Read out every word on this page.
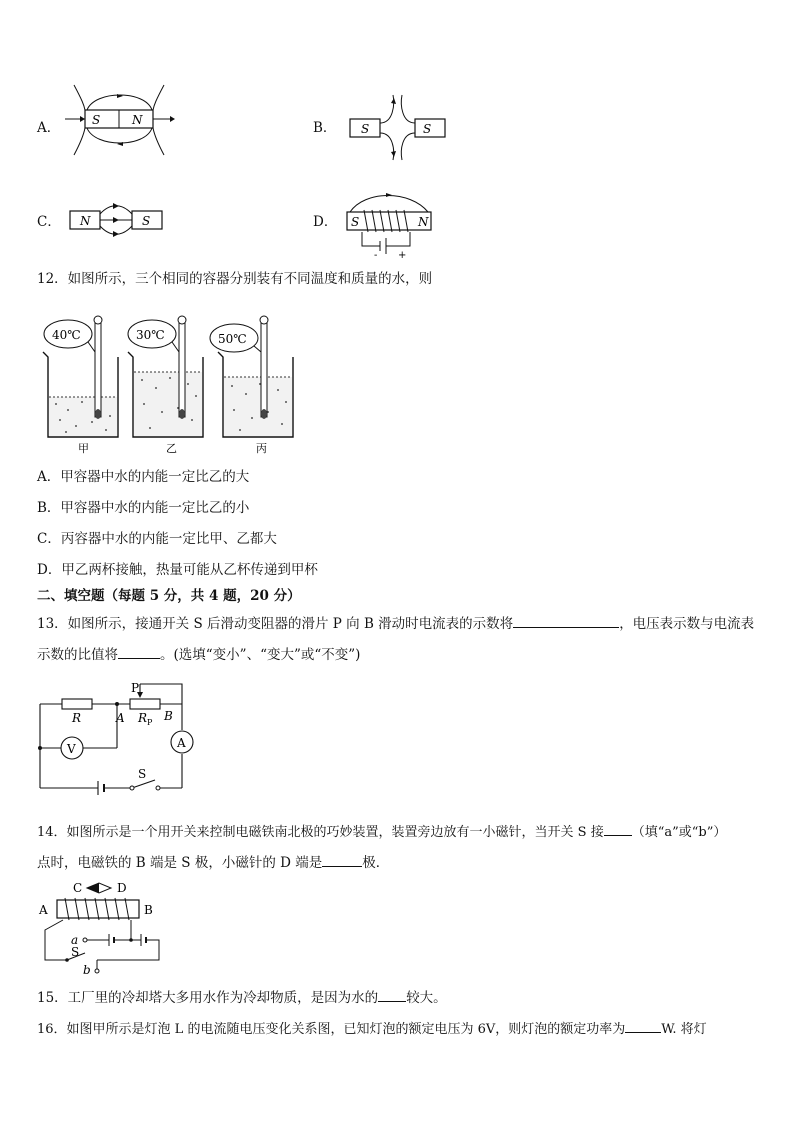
A．	S	N	B． S	S
C． N	S	D． S	N
- +
12．如图所示，三个相同的容器分别装有不同温度和质量的水，则
40℃
甲
30℃
乙
50℃
丙
A．甲容器中水的内能一定比乙的大
B．甲容器中水的内能一定比乙的小
C．丙容器中水的内能一定比甲、乙都大
D．甲乙两杯接触，热量可能从乙杯传递到甲杯
二、填空题（每题 5 分，共 4 题，20 分）
13．如图所示，接通开关 S 后滑动变阻器的滑片 P 向 B 滑动时电流表的示数将	，电压表示数与电流表
示数的比值将	。(选填“变小”、“变大”或“不变”)
R	A R P B
P
V	A
S
14．如图所示是一个用开关来控制电磁铁南北极的巧妙装置，装置旁边放有一小磁针，当开关 S 接 （填“a”或“b”）
点时，电磁铁的 B 端是 S 极，小磁针的 D 端是	极．
C	D
A	B
a
b
S
15．工厂里的冷却塔大多用水作为冷却物质，是因为水的 较大。
16．如图甲所示是灯泡 L 的电流随电压变化关系图，已知灯泡的额定电压为 6V，则灯泡的额定功率为	W. 将灯
